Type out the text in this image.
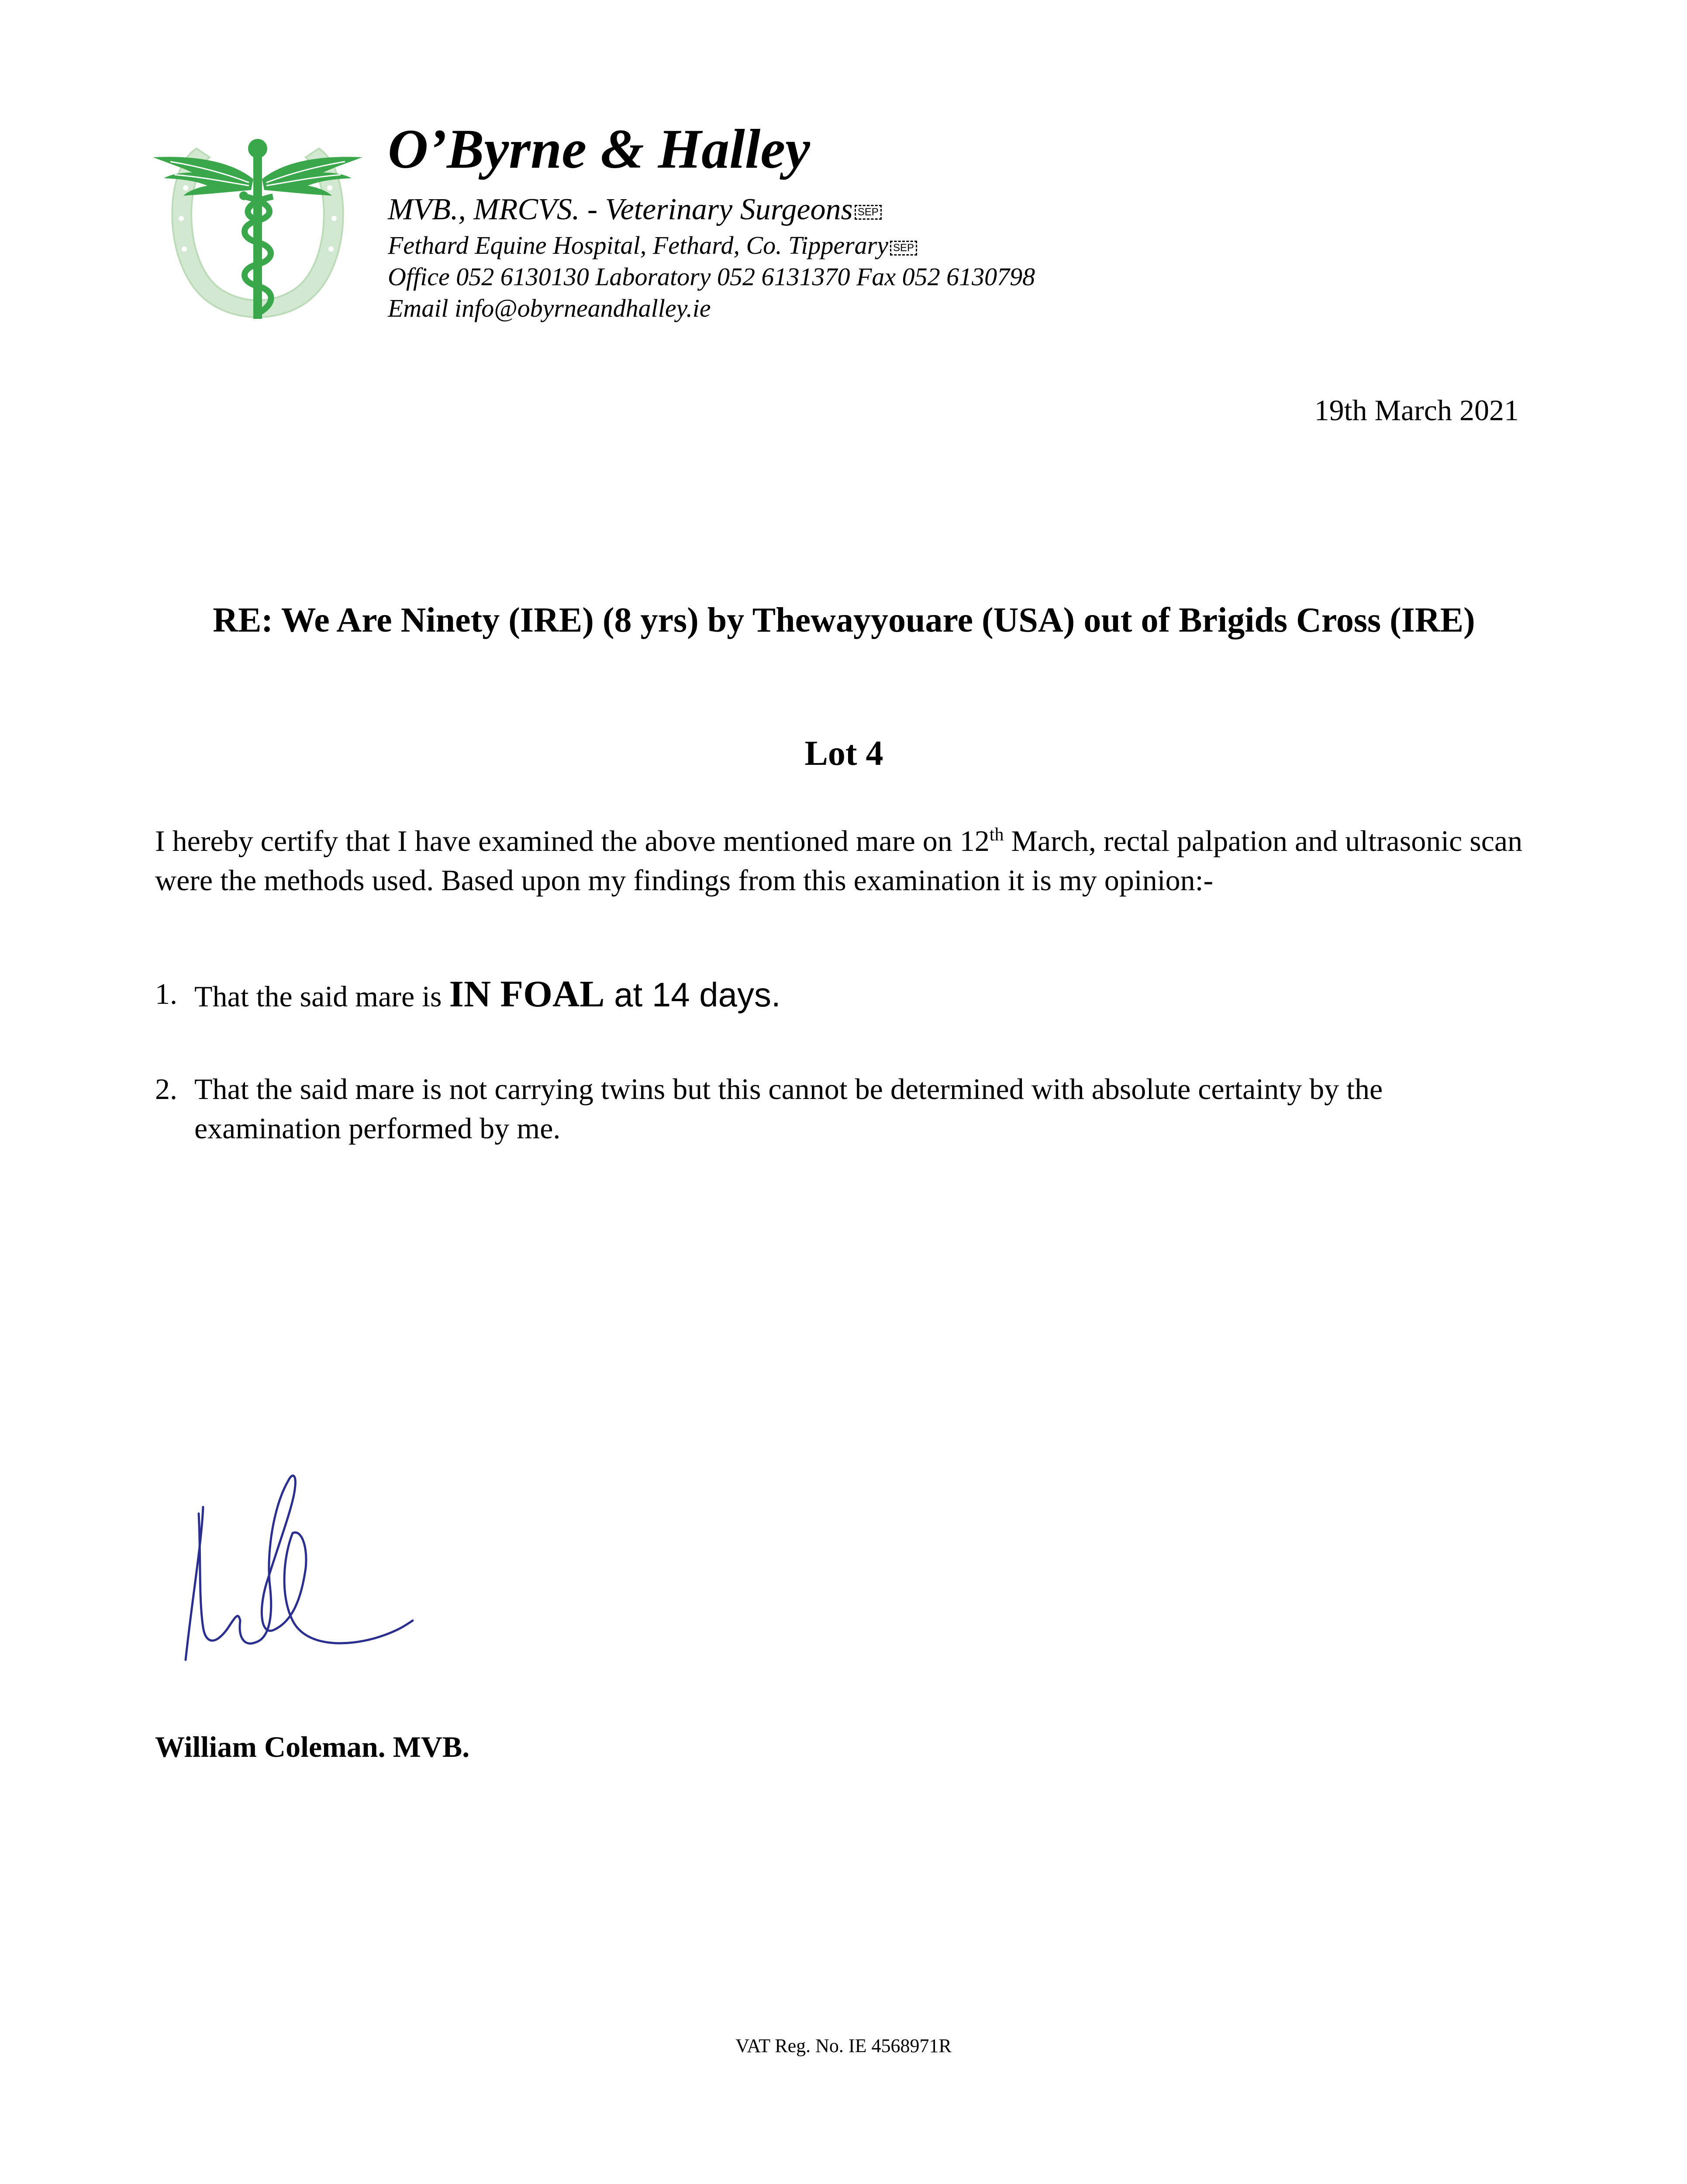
O’Byrne & Halley
MVB., MRCVS. - Veterinary Surgeons SEP
Fethard Equine Hospital, Fethard, Co. Tipperary SEP
Office 052 6130130 Laboratory 052 6131370 Fax 052 6130798
Email info@obyrneandhalley.ie
19th March 2021
RE: We Are Ninety (IRE) (8 yrs) by Thewayyouare (USA) out of Brigids Cross (IRE)
Lot 4
I hereby certify that I have examined the above mentioned mare on 12th March, rectal palpation and ultrasonic scan were the methods used. Based upon my findings from this examination it is my opinion:-
1. That the said mare is IN FOAL at 14 days.
2. That the said mare is not carrying twins but this cannot be determined with absolute certainty by the examination performed by me.
William Coleman. MVB.
VAT Reg. No. IE 4568971R
